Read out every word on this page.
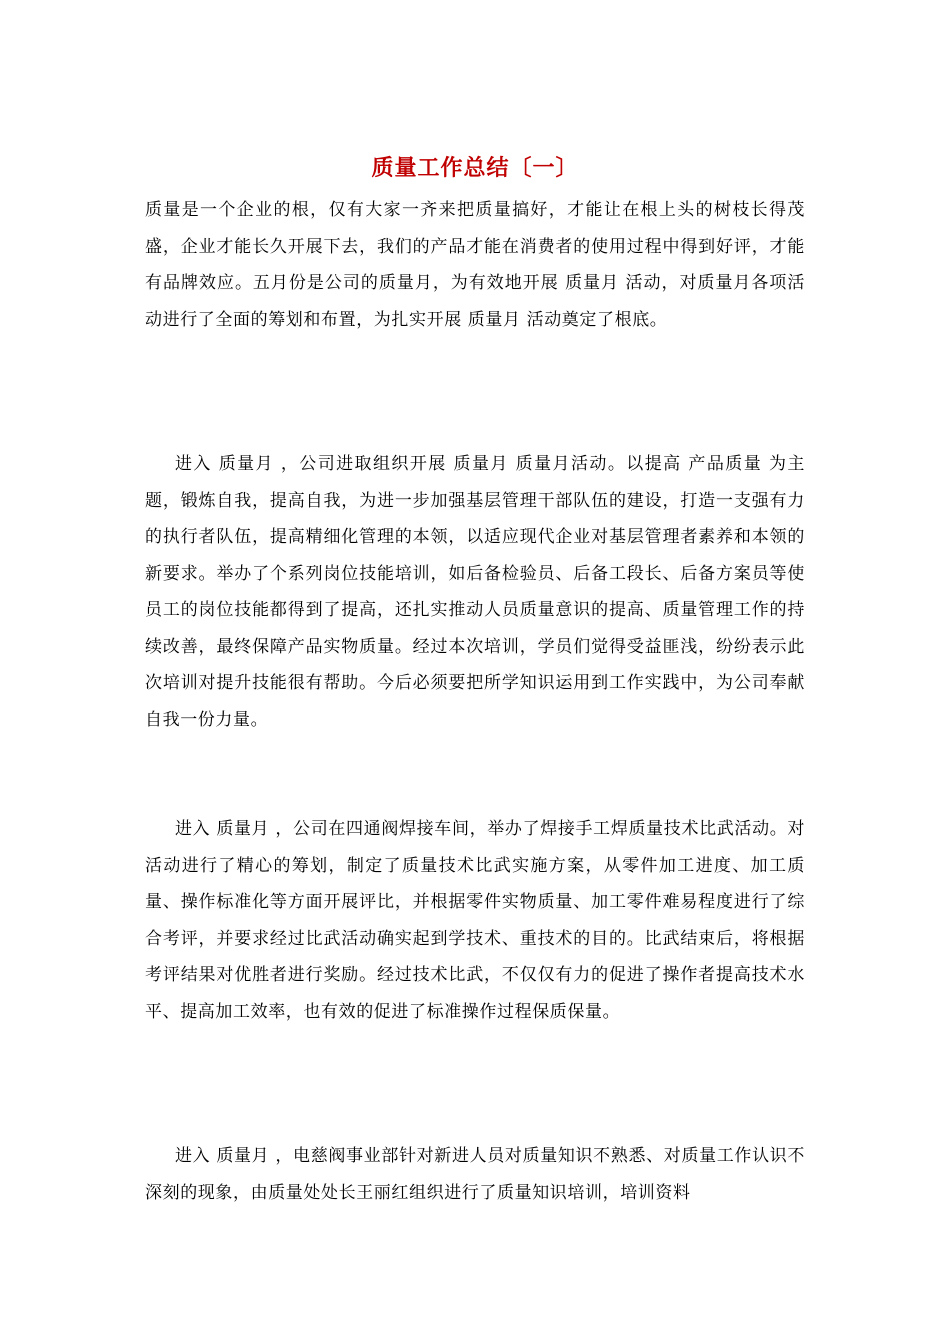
质量工作总结〔一〕

质量是一个企业的根，仅有大家一齐来把质量搞好，才能让在根上头的树枝长得茂盛，企业才能长久开展下去，我们的产品才能在消费者的使用过程中得到好评，才能有品牌效应。五月份是公司的质量月，为有效地开展 质量月 活动，对质量月各项活动进行了全面的筹划和布置，为扎实开展 质量月 活动奠定了根底。

进入 质量月 ，公司进取组织开展 质量月 质量月活动。以提高 产品质量 为主题，锻炼自我，提高自我，为进一步加强基层管理干部队伍的建设，打造一支强有力的执行者队伍，提高精细化管理的本领，以适应现代企业对基层管理者素养和本领的新要求。举办了个系列岗位技能培训，如后备检验员、后备工段长、后备方案员等使员工的岗位技能都得到了提高，还扎实推动人员质量意识的提高、质量管理工作的持续改善，最终保障产品实物质量。经过本次培训，学员们觉得受益匪浅，纷纷表示此次培训对提升技能很有帮助。今后必须要把所学知识运用到工作实践中，为公司奉献自我一份力量。

进入 质量月 ，公司在四通阀焊接车间，举办了焊接手工焊质量技术比武活动。对活动进行了精心的筹划，制定了质量技术比武实施方案，从零件加工进度、加工质量、操作标准化等方面开展评比，并根据零件实物质量、加工零件难易程度进行了综合考评，并要求经过比武活动确实起到学技术、重技术的目的。比武结束后，将根据考评结果对优胜者进行奖励。经过技术比武，不仅仅有力的促进了操作者提高技术水平、提高加工效率，也有效的促进了标准操作过程保质保量。

进入 质量月 ，电慈阀事业部针对新进人员对质量知识不熟悉、对质量工作认识不深刻的现象，由质量处处长王丽红组织进行了质量知识培训，培训资料
